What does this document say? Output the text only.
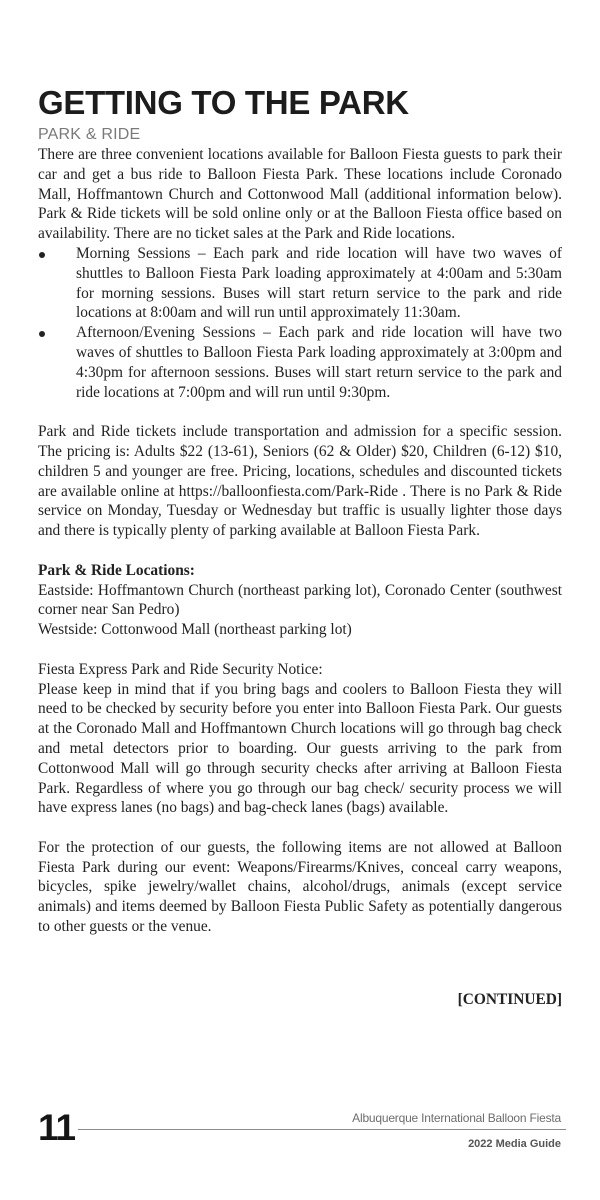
GETTING TO THE PARK
PARK & RIDE

There are three convenient locations available for Balloon Fiesta guests to park their car and get a bus ride to Balloon Fiesta Park. These locations include Coronado Mall, Hoffmantown Church and Cottonwood Mall (additional information below). Park & Ride tickets will be sold online only or at the Balloon Fiesta office based on availability. There are no ticket sales at the Park and Ride locations.

Morning Sessions – Each park and ride location will have two waves of shuttles to Balloon Fiesta Park loading approximately at 4:00am and 5:30am for morning sessions. Buses will start return service to the park and ride locations at 8:00am and will run until approximately 11:30am.
Afternoon/Evening Sessions – Each park and ride location will have two waves of shuttles to Balloon Fiesta Park loading approximately at 3:00pm and 4:30pm for afternoon sessions. Buses will start return service to the park and ride locations at 7:00pm and will run until 9:30pm.

Park and Ride tickets include transportation and admission for a specific session. The pricing is: Adults $22 (13-61), Seniors (62 & Older) $20, Children (6-12) $10, children 5 and younger are free. Pricing, locations, schedules and discounted tickets are available online at https://balloonfiesta.com/Park-Ride . There is no Park & Ride service on Monday, Tuesday or Wednesday but traffic is usually lighter those days and there is typically plenty of parking available at Balloon Fiesta Park.

Park & Ride Locations:

Eastside: Hoffmantown Church (northeast parking lot), Coronado Center (southwest corner near San Pedro)

Westside: Cottonwood Mall (northeast parking lot)

Fiesta Express Park and Ride Security Notice:

Please keep in mind that if you bring bags and coolers to Balloon Fiesta they will need to be checked by security before you enter into Balloon Fiesta Park. Our guests at the Coronado Mall and Hoffmantown Church locations will go through bag check and metal detectors prior to boarding. Our guests arriving to the park from Cottonwood Mall will go through security checks after arriving at Balloon Fiesta Park. Regardless of where you go through our bag check/ security process we will have express lanes (no bags) and bag-check lanes (bags) available.

For the protection of our guests, the following items are not allowed at Balloon Fiesta Park during our event: Weapons/Firearms/Knives, conceal carry weapons, bicycles, spike jewelry/wallet chains, alcohol/drugs, animals (except service animals) and items deemed by Balloon Fiesta Public Safety as potentially dangerous to other guests or the venue.

[CONTINUED]

11	Albuquerque International Balloon Fiesta
2022 Media Guide
